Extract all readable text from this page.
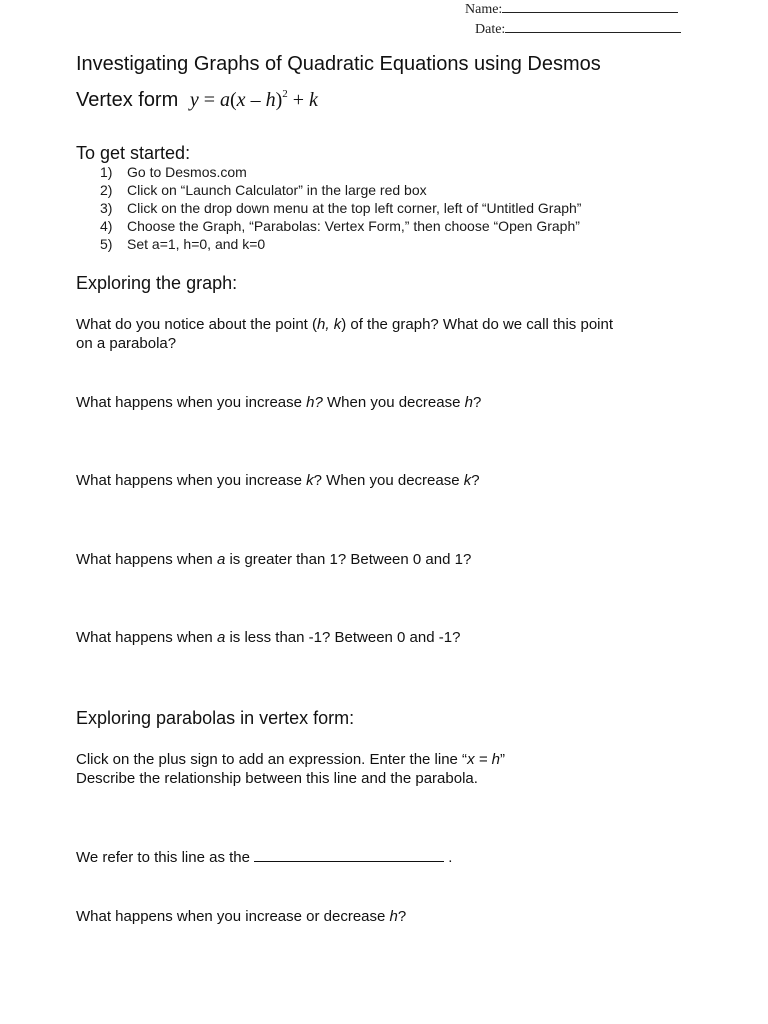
Name:
Date:
Investigating Graphs of Quadratic Equations using Desmos
Vertex form y = a(x – h)$^2$ + k
To get started:
1) Go to Desmos.com
2) Click on “Launch Calculator” in the large red box
3) Click on the drop down menu at the top left corner, left of “Untitled Graph”
4) Choose the Graph, “Parabolas: Vertex Form,” then choose “Open Graph”
5) Set a=1, h=0, and k=0
Exploring the graph:
What do you notice about the point (h, k) of the graph? What do we call this point
on a parabola?
What happens when you increase h? When you decrease h?
What happens when you increase k? When you decrease k?
What happens when a is greater than 1? Between 0 and 1?
What happens when a is less than -1? Between 0 and -1?
Exploring parabolas in vertex form:
Click on the plus sign to add an expression. Enter the line “x = h”
Describe the relationship between this line and the parabola.
We refer to this line as the	.
What happens when you increase or decrease h?
